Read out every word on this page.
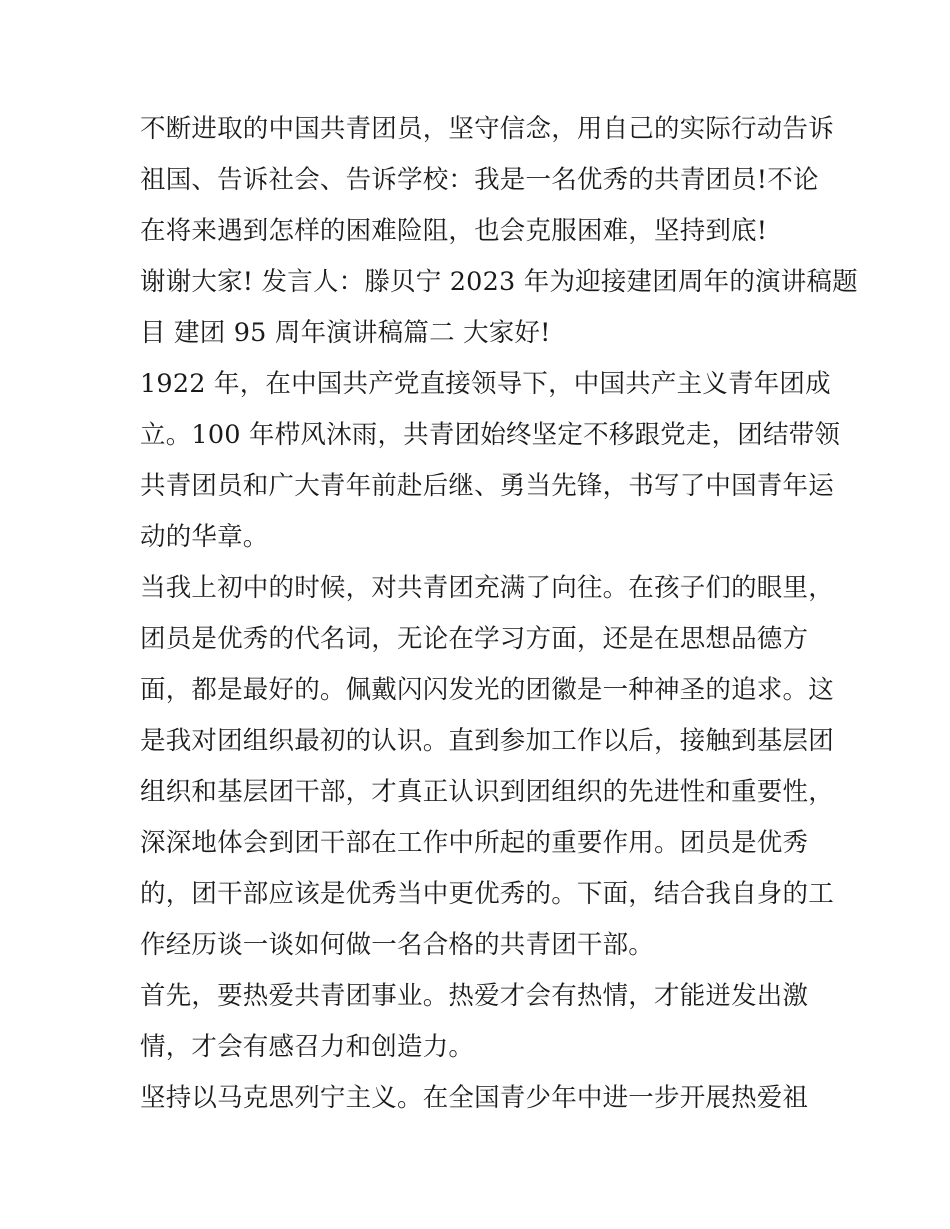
不断进取的中国共青团员，坚守信念，用自己的实际行动告诉
祖国、告诉社会、告诉学校：我是一名优秀的共青团员!不论
在将来遇到怎样的困难险阻，也会克服困难，坚持到底!
谢谢大家! 发言人：滕贝宁 2023 年为迎接建团周年的演讲稿题
目 建团 95 周年演讲稿篇二 大家好!
1922 年，在中国共产党直接领导下，中国共产主义青年团成
立。100 年栉风沐雨，共青团始终坚定不移跟党走，团结带领
共青团员和广大青年前赴后继、勇当先锋，书写了中国青年运
动的华章。
当我上初中的时候，对共青团充满了向往。在孩子们的眼里，
团员是优秀的代名词，无论在学习方面，还是在思想品德方
面，都是最好的。佩戴闪闪发光的团徽是一种神圣的追求。这
是我对团组织最初的认识。直到参加工作以后，接触到基层团
组织和基层团干部，才真正认识到团组织的先进性和重要性，
深深地体会到团干部在工作中所起的重要作用。团员是优秀
的，团干部应该是优秀当中更优秀的。下面，结合我自身的工
作经历谈一谈如何做一名合格的共青团干部。
首先，要热爱共青团事业。热爱才会有热情，才能迸发出激
情，才会有感召力和创造力。
坚持以马克思列宁主义。在全国青少年中进一步开展热爱祖
